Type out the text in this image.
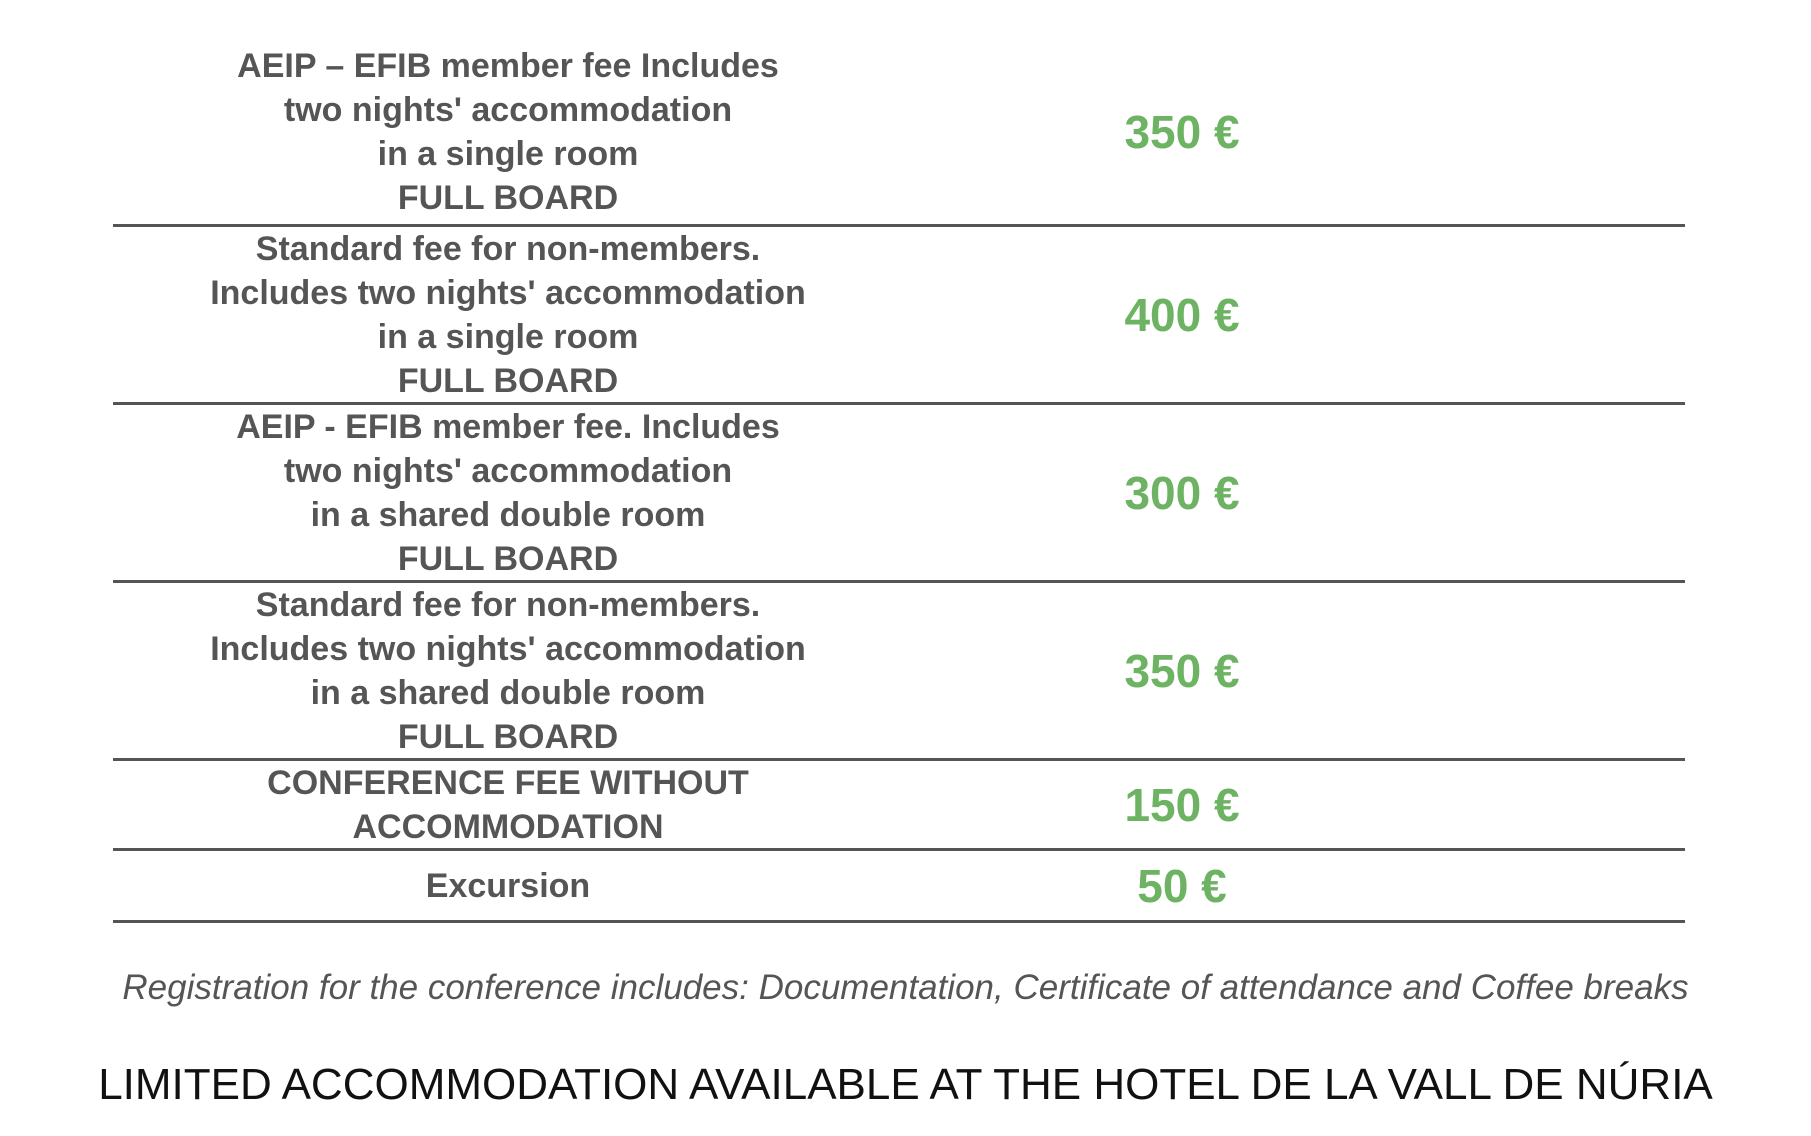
AEIP – EFIB member fee Includes
two nights' accommodation
in a single room
FULL BOARD
350 €
Standard fee for non-members.
Includes two nights' accommodation
in a single room
FULL BOARD
400 €
AEIP - EFIB member fee. Includes
two nights' accommodation
in a shared double room
FULL BOARD
300 €
Standard fee for non-members.
Includes two nights' accommodation
in a shared double room
FULL BOARD
350 €
CONFERENCE FEE WITHOUT
ACCOMMODATION	150 €
Excursion	50 €
Registration for the conference includes: Documentation, Certificate of attendance and Coffee breaks
LIMITED ACCOMMODATION AVAILABLE AT THE HOTEL DE LA VALL DE NÚRIA
